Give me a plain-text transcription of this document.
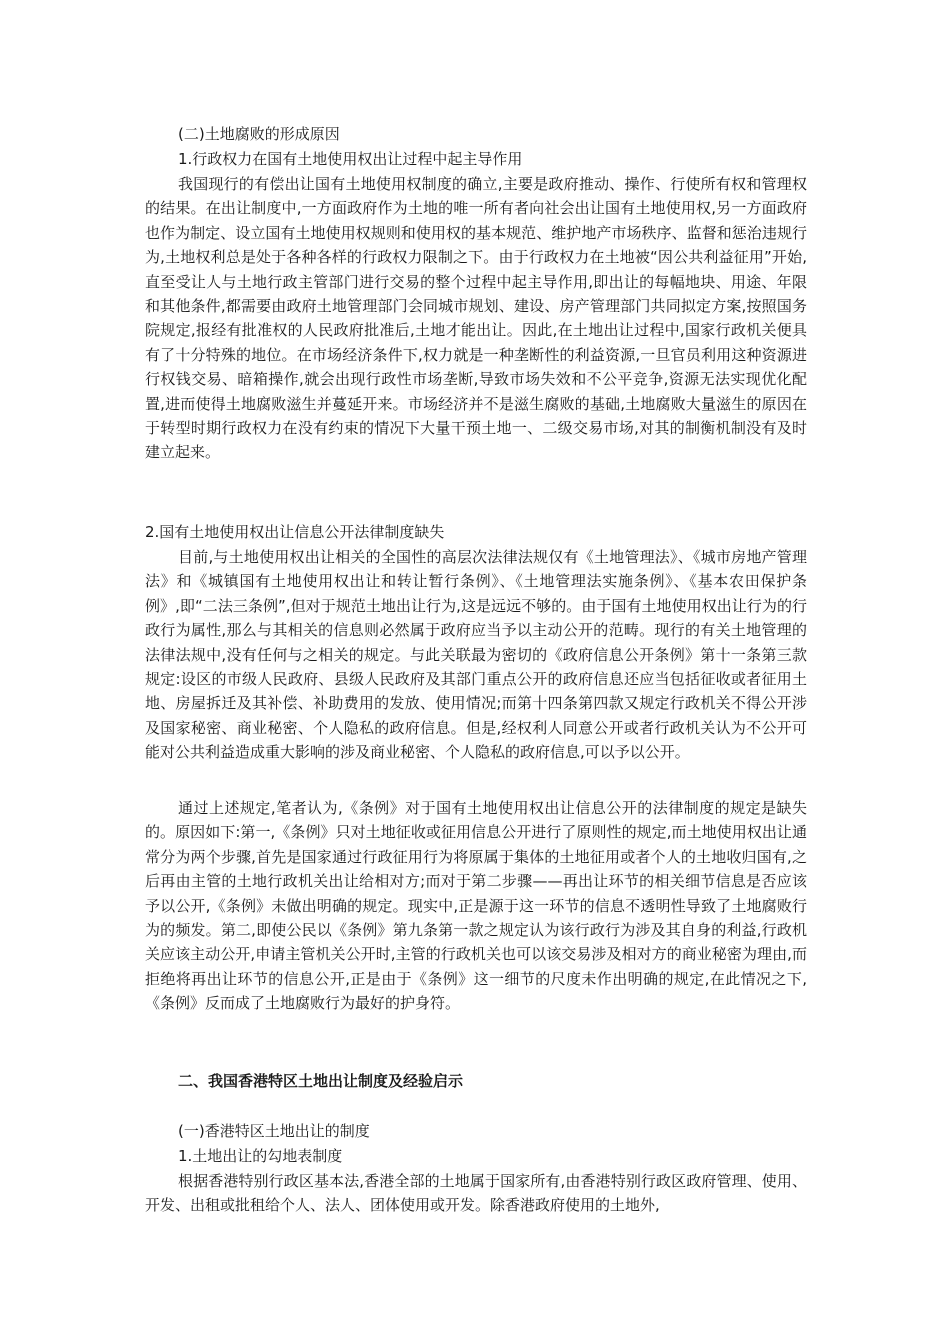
(二)土地腐败的形成原因

1.行政权力在国有土地使用权出让过程中起主导作用

我国现行的有偿出让国有土地使用权制度的确立,主要是政府推动、操作、行使所有权和管理权的结果。在出让制度中,一方面政府作为土地的唯一所有者向社会出让国有土地使用权,另一方面政府也作为制定、设立国有土地使用权规则和使用权的基本规范、维护地产市场秩序、监督和惩治违规行为,土地权利总是处于各种各样的行政权力限制之下。由于行政权力在土地被“因公共利益征用”开始,直至受让人与土地行政主管部门进行交易的整个过程中起主导作用,即出让的每幅地块、用途、年限和其他条件,都需要由政府土地管理部门会同城市规划、建设、房产管理部门共同拟定方案,按照国务院规定,报经有批准权的人民政府批准后,土地才能出让。因此,在土地出让过程中,国家行政机关便具有了十分特殊的地位。在市场经济条件下,权力就是一种垄断性的利益资源,一旦官员利用这种资源进行权钱交易、暗箱操作,就会出现行政性市场垄断,导致市场失效和不公平竞争,资源无法实现优化配置,进而使得土地腐败滋生并蔓延开来。市场经济并不是滋生腐败的基础,土地腐败大量滋生的原因在于转型时期行政权力在没有约束的情况下大量干预土地一、二级交易市场,对其的制衡机制没有及时建立起来。

2.国有土地使用权出让信息公开法律制度缺失

目前,与土地使用权出让相关的全国性的高层次法律法规仅有《土地管理法》、《城市房地产管理法》和《城镇国有土地使用权出让和转让暂行条例》、《土地管理法实施条例》、《基本农田保护条例》,即“二法三条例”,但对于规范土地出让行为,这是远远不够的。由于国有土地使用权出让行为的行政行为属性,那么与其相关的信息则必然属于政府应当予以主动公开的范畴。现行的有关土地管理的法律法规中,没有任何与之相关的规定。与此关联最为密切的《政府信息公开条例》第十一条第三款规定:设区的市级人民政府、县级人民政府及其部门重点公开的政府信息还应当包括征收或者征用土地、房屋拆迁及其补偿、补助费用的发放、使用情况;而第十四条第四款又规定行政机关不得公开涉及国家秘密、商业秘密、个人隐私的政府信息。但是,经权利人同意公开或者行政机关认为不公开可能对公共利益造成重大影响的涉及商业秘密、个人隐私的政府信息,可以予以公开。

通过上述规定,笔者认为,《条例》对于国有土地使用权出让信息公开的法律制度的规定是缺失的。原因如下:第一,《条例》只对土地征收或征用信息公开进行了原则性的规定,而土地使用权出让通常分为两个步骤,首先是国家通过行政征用行为将原属于集体的土地征用或者个人的土地收归国有,之后再由主管的土地行政机关出让给相对方;而对于第二步骤——再出让环节的相关细节信息是否应该予以公开,《条例》未做出明确的规定。现实中,正是源于这一环节的信息不透明性导致了土地腐败行为的频发。第二,即使公民以《条例》第九条第一款之规定认为该行政行为涉及其自身的利益,行政机关应该主动公开,申请主管机关公开时,主管的行政机关也可以该交易涉及相对方的商业秘密为理由,而拒绝将再出让环节的信息公开,正是由于《条例》这一细节的尺度未作出明确的规定,在此情况之下,《条例》反而成了土地腐败行为最好的护身符。

二、我国香港特区土地出让制度及经验启示

(一)香港特区土地出让的制度

1.土地出让的勾地表制度

根据香港特别行政区基本法,香港全部的土地属于国家所有,由香港特别行政区政府管理、使用、开发、出租或批租给个人、法人、团体使用或开发。除香港政府使用的土地外,
